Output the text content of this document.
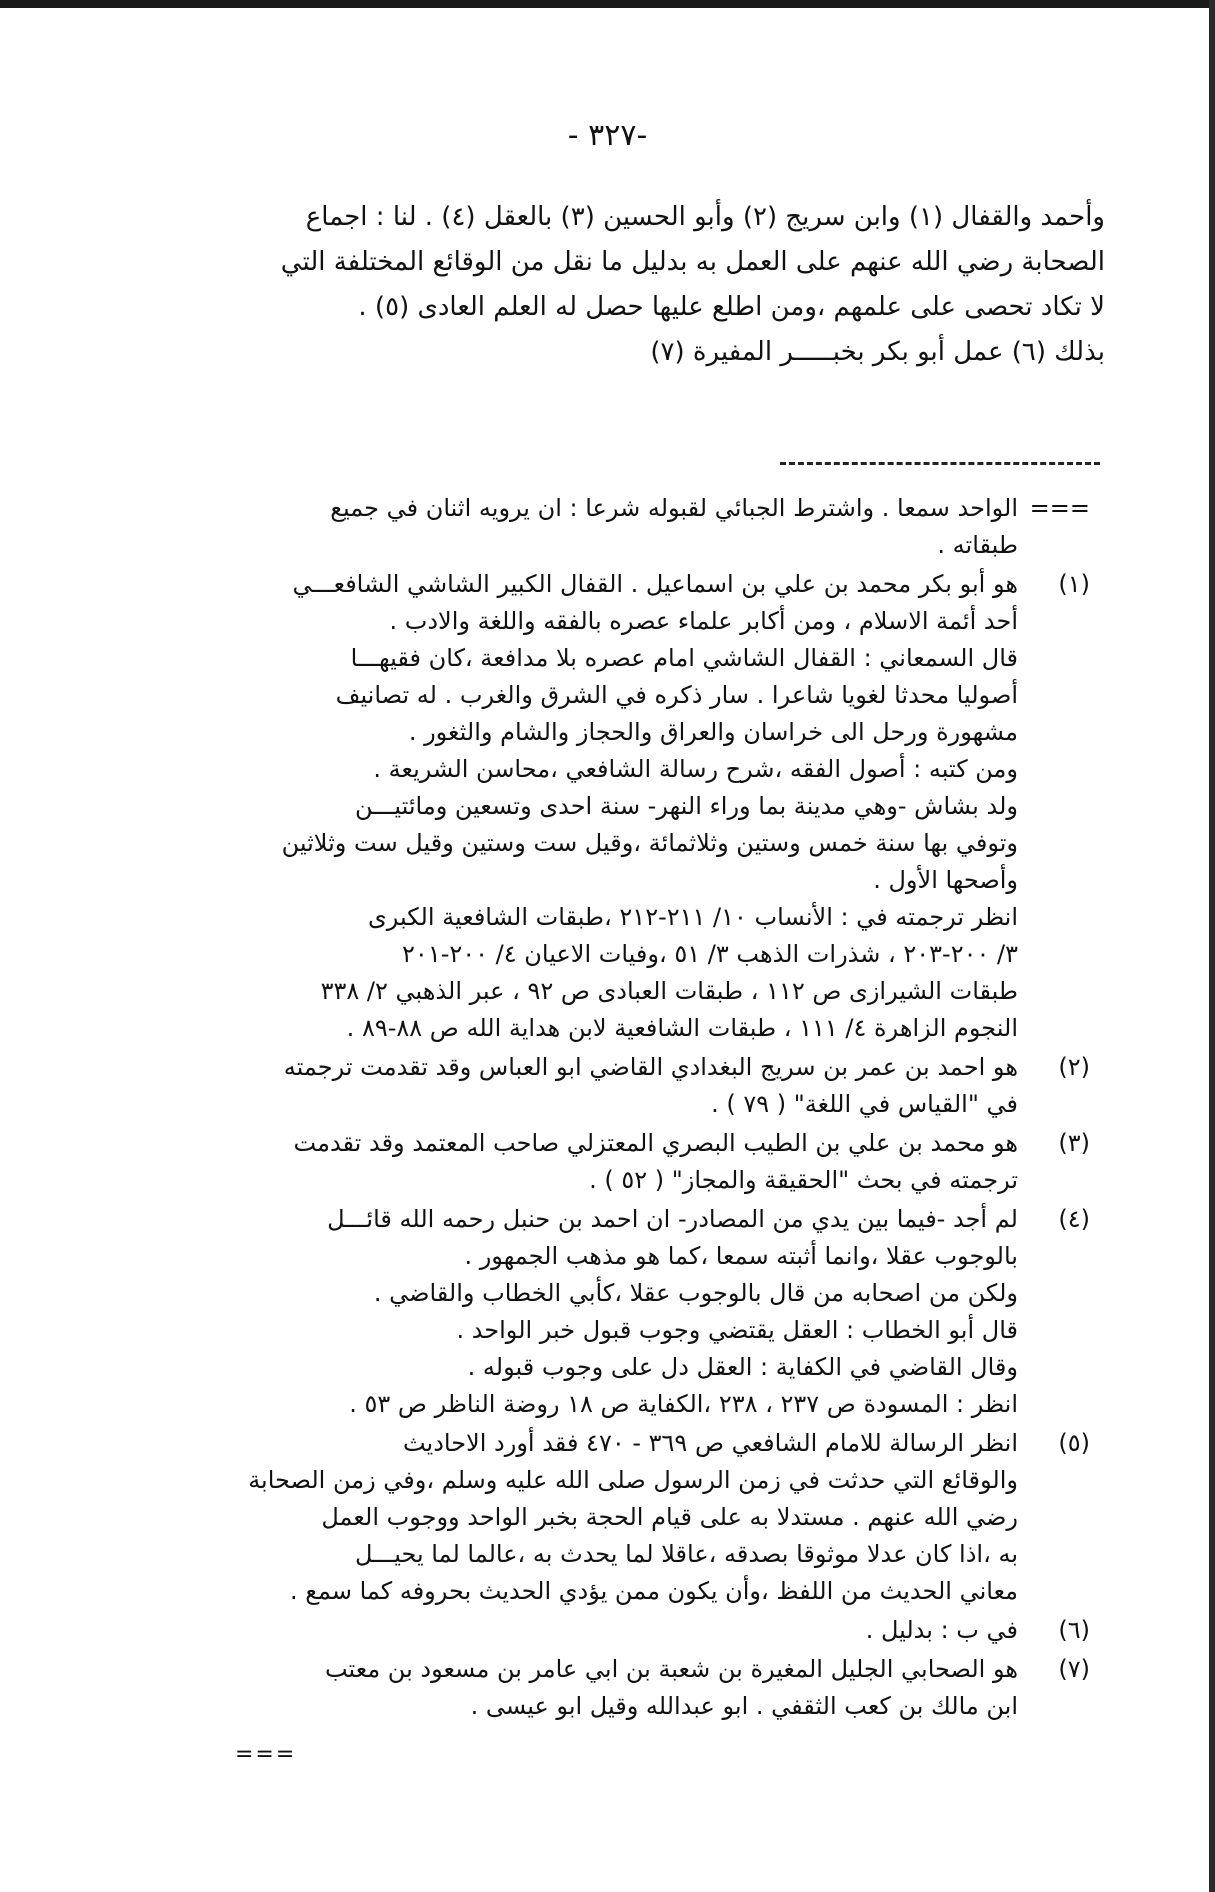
- ٣٢٧-

وأحمد والقفال (١) وابن سريج (٢) وأبو الحسين (٣) بالعقل (٤) . لنا : اجماع

الصحابة رضي الله عنهم على العمل به بدليل ما نقل من الوقائع المختلفة التي

لا تكاد تحصى على علمهم ،ومن اطلع عليها حصل له العلم العادى (٥) .

بذلك (٦) عمل أبو بكر بخبـــــر المفيرة (٧)

===

الواحد سمعا . واشترط الجبائي لقبوله شرعا : ان يرويه اثنان في جميع

طبقاته .

(١)

هو أبو بكر محمد بن علي بن اسماعيل . القفال الكبير الشاشي الشافعـــي

أحد أئمة الاسلام ، ومن أكابر علماء عصره بالفقه واللغة والادب .

قال السمعاني : القفال الشاشي امام عصره بلا مدافعة ،كان فقيهـــا

أصوليا محدثا لغويا شاعرا . سار ذكره في الشرق والغرب . له تصانيف

مشهورة ورحل الى خراسان والعراق والحجاز والشام والثغور .

ومن كتبه : أصول الفقه ،شرح رسالة الشافعي ،محاسن الشريعة .

ولد بشاش -وهي مدينة بما وراء النهر- سنة احدى وتسعين ومائتيـــن

وتوفي بها سنة خمس وستين وثلاثمائة ،وقيل ست وستين وقيل ست وثلاثين

وأصحها الأول .

انظر ترجمته في : الأنساب ١٠/ ٢١١-٢١٢ ،طبقات الشافعية الكبرى

٣/ ٢٠٠-٢٠٣ ، شذرات الذهب ٣/ ٥١ ،وفيات الاعيان ٤/ ٢٠٠-٢٠١

طبقات الشيرازى ص ١١٢ ، طبقات العبادى ص ٩٢ ، عبر الذهبي ٢/ ٣٣٨

النجوم الزاهرة ٤/ ١١١ ، طبقات الشافعية لابن هداية الله ص ٨٨-٨٩ .

(٢)

هو احمد بن عمر بن سريج البغدادي القاضي ابو العباس وقد تقدمت ترجمته

في "القياس في اللغة" ( ٧٩ ) .

(٣)

هو محمد بن علي بن الطيب البصري المعتزلي صاحب المعتمد وقد تقدمت

ترجمته في بحث "الحقيقة والمجاز" ( ٥٢ ) .

(٤)

لم أجد -فيما بين يدي من المصادر- ان احمد بن حنبل رحمه الله قائـــل

بالوجوب عقلا ،وانما أثبته سمعا ،كما هو مذهب الجمهور .

ولكن من اصحابه من قال بالوجوب عقلا ،كأبي الخطاب والقاضي .

قال أبو الخطاب : العقل يقتضي وجوب قبول خبر الواحد .

وقال القاضي في الكفاية : العقل دل على وجوب قبوله .

انظر : المسودة ص ٢٣٧ ، ٢٣٨ ،الكفاية ص ١٨ روضة الناظر ص ٥٣ .

(٥)

انظر الرسالة للامام الشافعي ص ٣٦٩ - ٤٧٠ فقد أورد الاحاديث

والوقائع التي حدثت في زمن الرسول صلى الله عليه وسلم ،وفي زمن الصحابة

رضي الله عنهم . مستدلا به على قيام الحجة بخبر الواحد ووجوب العمل

به ،اذا كان عدلا موثوقا بصدقه ،عاقلا لما يحدث به ،عالما لما يحيـــل

معاني الحديث من اللفظ ،وأن يكون ممن يؤدي الحديث بحروفه كما سمع .

(٦)

في ب : بدليل .

(٧)

هو الصحابي الجليل المغيرة بن شعبة بن ابي عامر بن مسعود بن معتب

ابن مالك بن كعب الثقفي . ابو عبدالله وقيل ابو عيسى .

===
